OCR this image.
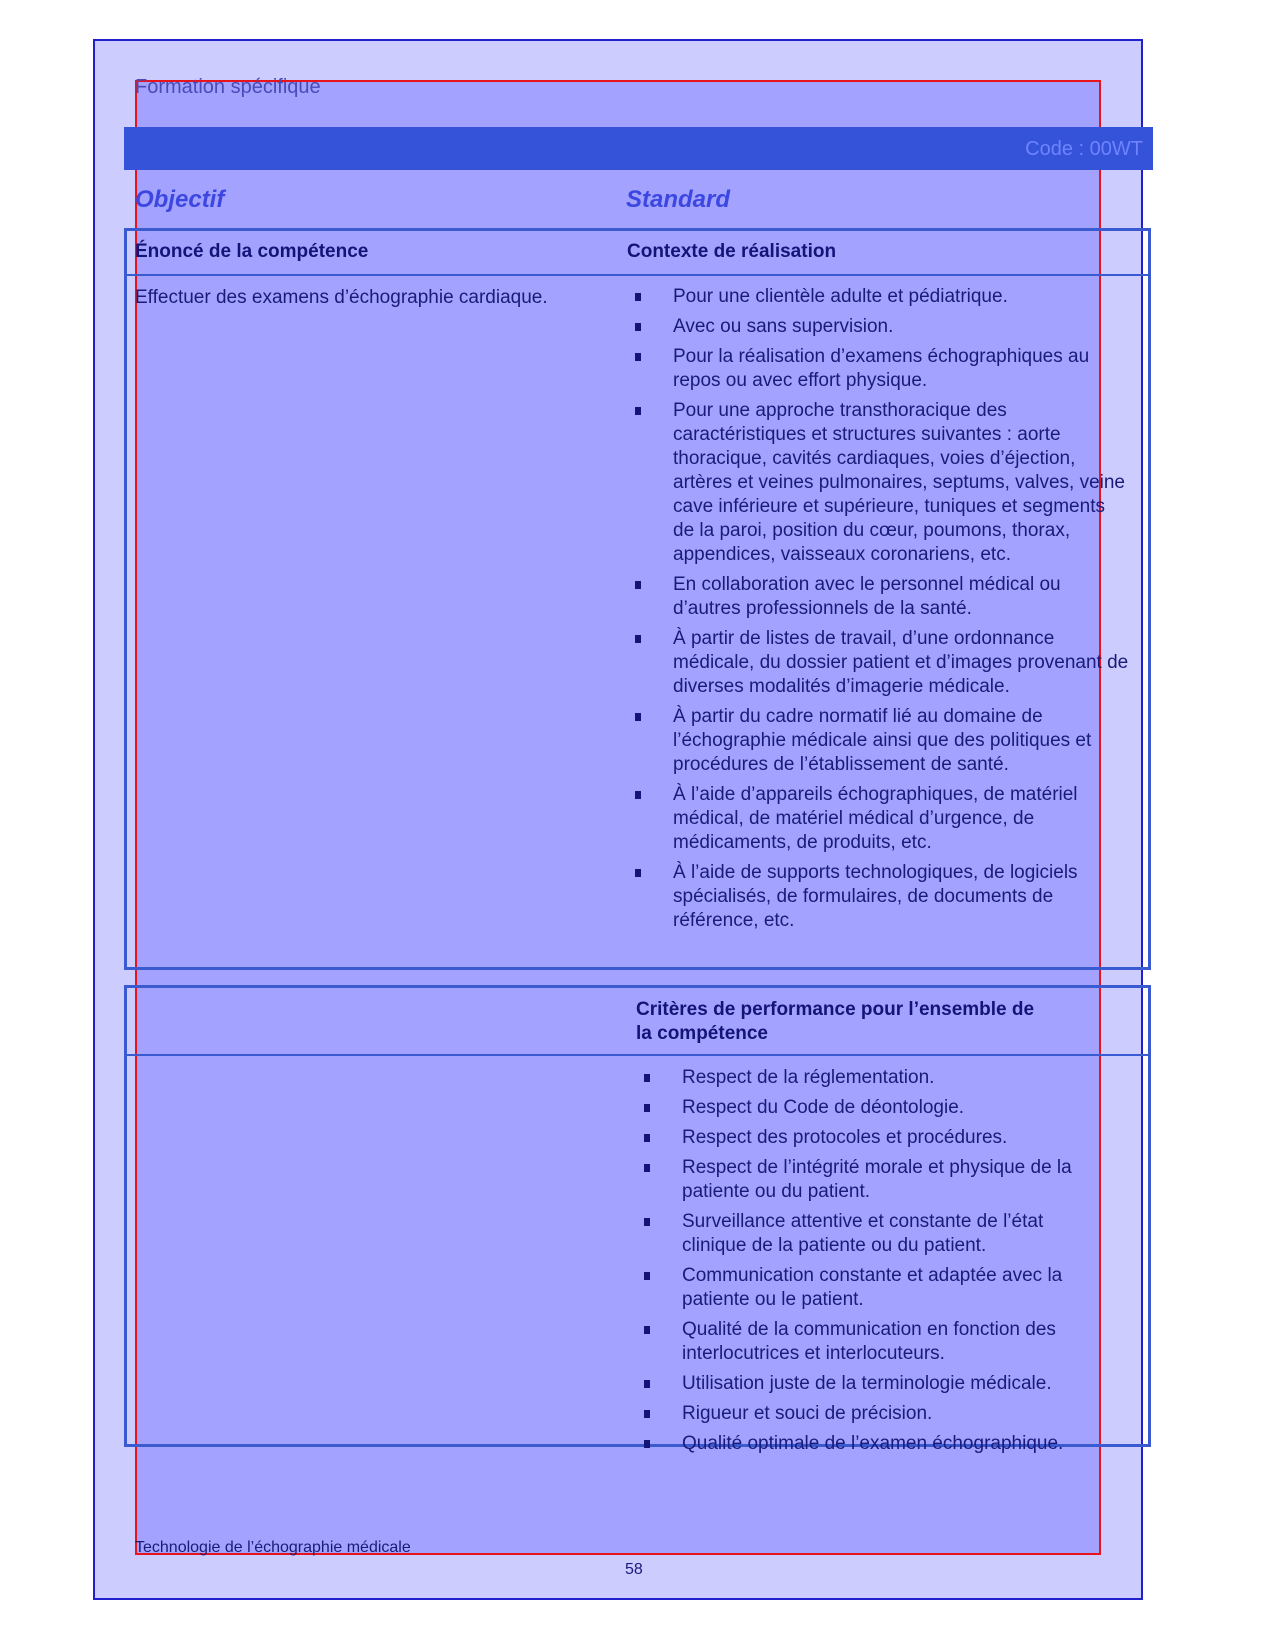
Formation spécifique
Code : 00WT
Objectif	Standard
Énoncé de la compétence	Contexte de réalisation
Effectuer des examens d’échographie cardiaque.	Pour une clientèle adulte et pédiatrique.
Avec ou sans supervision.
Pour la réalisation d’examens échographiques au repos ou avec effort physique.
Pour une approche transthoracique des caractéristiques et structures suivantes : aorte thoracique, cavités cardiaques, voies d’éjection, artères et veines pulmonaires, septums, valves, veine cave inférieure et supérieure, tuniques et segments de la paroi, position du cœur, poumons, thorax, appendices, vaisseaux coronariens, etc.
En collaboration avec le personnel médical ou d’autres professionnels de la santé.
À partir de listes de travail, d’une ordonnance médicale, du dossier patient et d’images provenant de diverses modalités d’imagerie médicale.
À partir du cadre normatif lié au domaine de l’échographie médicale ainsi que des politiques et procédures de l’établissement de santé.
À l’aide d’appareils échographiques, de matériel médical, de matériel médical d’urgence, de médicaments, de produits, etc.
À l’aide de supports technologiques, de logiciels spécialisés, de formulaires, de documents de référence, etc.
Critères de performance pour l’ensemble de la compétence
Respect de la réglementation.
Respect du Code de déontologie.
Respect des protocoles et procédures.
Respect de l’intégrité morale et physique de la patiente ou du patient.
Surveillance attentive et constante de l’état clinique de la patiente ou du patient.
Communication constante et adaptée avec la patiente ou le patient.
Qualité de la communication en fonction des interlocutrices et interlocuteurs.
Utilisation juste de la terminologie médicale.
Rigueur et souci de précision.
Qualité optimale de l’examen échographique.
Technologie de l’échographie médicale
58
